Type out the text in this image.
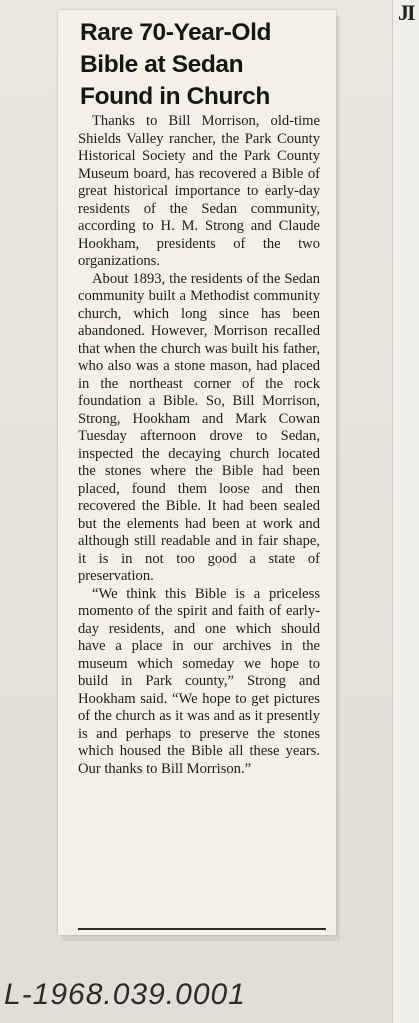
JI
Rare 70-Year-Old
Bible at Sedan
Found in Church

Thanks to Bill Morrison, old-time Shields Valley rancher, the Park County Historical Society and the Park County Museum board, has recovered a Bible of great historical importance to early-day residents of the Sedan community, according to H. M. Strong and Claude Hookham, presidents of the two organizations.

About 1893, the residents of the Sedan community built a Methodist community church, which long since has been abandoned. However, Morrison recalled that when the church was built his father, who also was a stone mason, had placed in the northeast corner of the rock foundation a Bible. So, Bill Morrison, Strong, Hookham and Mark Cowan Tuesday afternoon drove to Sedan, inspected the decaying church located the stones where the Bible had been placed, found them loose and then recovered the Bible. It had been sealed but the elements had been at work and although still readable and in fair shape, it is in not too good a state of preservation.

“We think this Bible is a priceless momento of the spirit and faith of early-day residents, and one which should have a place in our archives in the museum which someday we hope to build in Park county,” Strong and Hookham said. “We hope to get pictures of the church as it was and as it presently is and perhaps to preserve the stones which housed the Bible all these years. Our thanks to Bill Morrison.”

L-1968.039.0001
